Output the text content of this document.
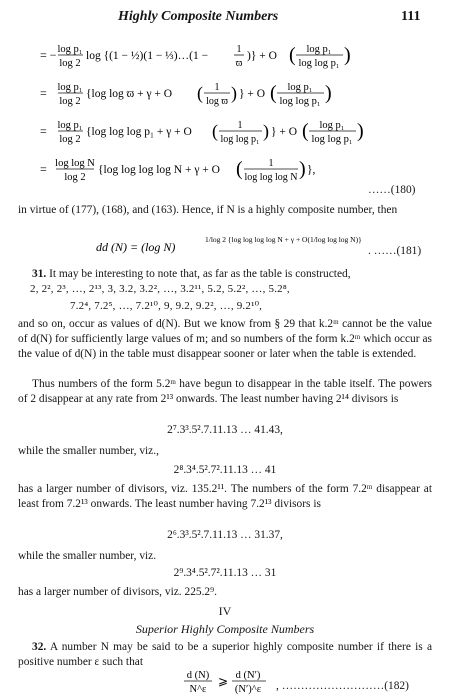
Highly Composite Numbers	111
= − log p₁
log 2
log {(1 − ½)(1 − ⅓)…(1 −
1
ϖ
)} + O ( log p₁
log log p₁ )
= log p₁
log 2
{log log ϖ + γ + O ( 1
log ϖ ) } + O ( log p₁
log log p₁ )
= log p₁
log 2
{log log log p₁ + γ + O ( 1
log log p₁ ) } + O ( log p₁
log log p₁ )
= log log N
log 2
{log log log log N + γ + O (	1
log log log N ) },
……(180)
in virtue of (177), (168), and (163). Hence, if N is a highly composite number, then
dd (N) = (log N)
1/log 2 {log log log log N + γ + O(1/log log log N)}
. ……(181)
31. It may be interesting to note that, as far as the table is constructed,
2, 2², 2³, …, 2¹³, 3, 3.2, 3.2², …, 3.2¹¹, 5.2, 5.2², …, 5.2⁸,
7.2⁴, 7.2⁵, …, 7.2¹⁰, 9, 9.2, 9.2², …, 9.2¹⁰,
and so on, occur as values of d(N). But we know from § 29 that k.2ᵐ cannot be the value of d(N) for sufficiently large values of m; and so numbers of the form k.2ᵐ which occur as the value of d(N) in the table must disappear sooner or later when the table is extended.
Thus numbers of the form 5.2ᵐ have begun to disappear in the table itself. The powers of 2 disappear at any rate from 2¹³ onwards. The least number having 2¹⁴ divisors is
2⁷.3³.5².7.11.13 … 41.43,
while the smaller number, viz.,
2⁸.3⁴.5².7².11.13 … 41
has a larger number of divisors, viz. 135.2¹¹. The numbers of the form 7.2ᵐ disappear at least from 7.2¹³ onwards. The least number having 7.2¹³ divisors is
2⁶.3³.5².7.11.13 … 31.37,
while the smaller number, viz.
2⁹.3⁴.5².7².11.13 … 31
has a larger number of divisors, viz. 225.2⁹.
IV
Superior Highly Composite Numbers
32. A number N may be said to be a superior highly composite number if there is a positive number ε such that
d (N)
N^ε
⩾ d (N′)
(N′)^ε , ………………………(182)
